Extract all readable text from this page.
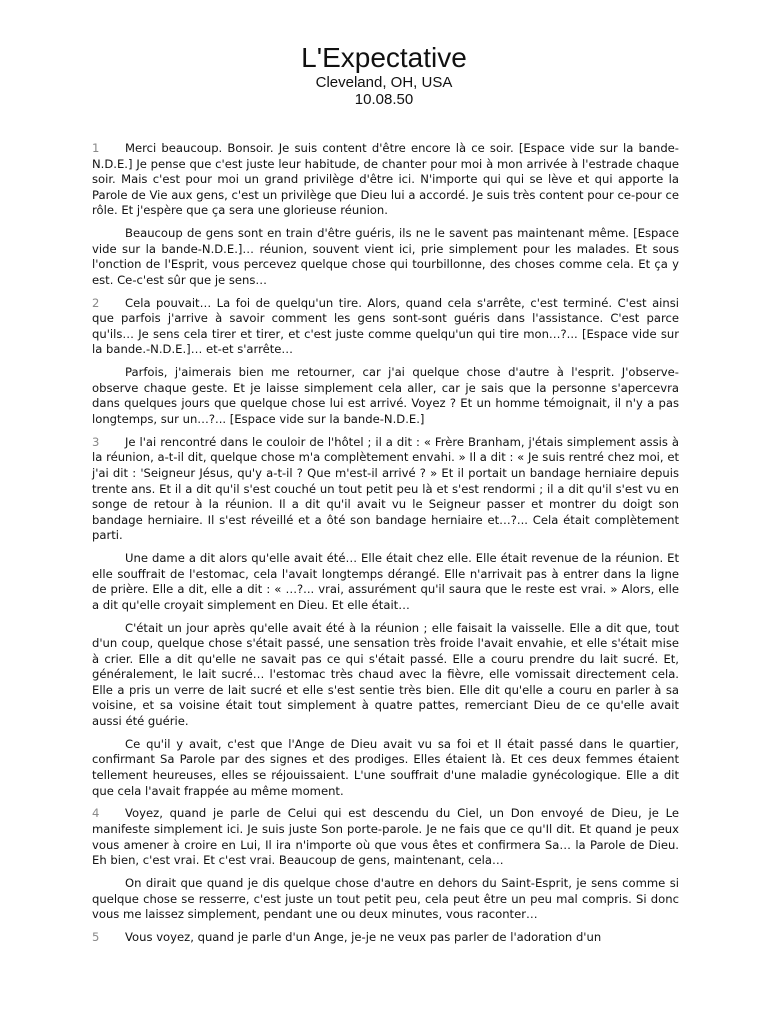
L'Expectative

Cleveland, OH, USA

10.08.50

1 Merci beaucoup. Bonsoir. Je suis content d'être encore là ce soir. [Espace vide sur la bande-N.D.E.] Je pense que c'est juste leur habitude, de chanter pour moi à mon arrivée à l'estrade chaque soir. Mais c'est pour moi un grand privilège d'être ici. N'importe qui qui se lève et qui apporte la Parole de Vie aux gens, c'est un privilège que Dieu lui a accordé. Je suis très content pour ce-pour ce rôle. Et j'espère que ça sera une glorieuse réunion.

Beaucoup de gens sont en train d'être guéris, ils ne le savent pas maintenant même. [Espace vide sur la bande-N.D.E.]… réunion, souvent vient ici, prie simplement pour les malades. Et sous l'onction de l'Esprit, vous percevez quelque chose qui tourbillonne, des choses comme cela. Et ça y est. Ce-c'est sûr que je sens…

2 Cela pouvait… La foi de quelqu'un tire. Alors, quand cela s'arrête, c'est terminé. C'est ainsi que parfois j'arrive à savoir comment les gens sont-sont guéris dans l'assistance. C'est parce qu'ils… Je sens cela tirer et tirer, et c'est juste comme quelqu'un qui tire mon…?... [Espace vide sur la bande.-N.D.E.]… et-et s'arrête…

Parfois, j'aimerais bien me retourner, car j'ai quelque chose d'autre à l'esprit. J'observe-observe chaque geste. Et je laisse simplement cela aller, car je sais que la personne s'apercevra dans quelques jours que quelque chose lui est arrivé. Voyez ? Et un homme témoignait, il n'y a pas longtemps, sur un…?... [Espace vide sur la bande-N.D.E.]

3 Je l'ai rencontré dans le couloir de l'hôtel ; il a dit : « Frère Branham, j'étais simplement assis à la réunion, a-t-il dit, quelque chose m'a complètement envahi. » Il a dit : « Je suis rentré chez moi, et j'ai dit : 'Seigneur Jésus, qu'y a-t-il ? Que m'est-il arrivé ? » Et il portait un bandage herniaire depuis trente ans. Et il a dit qu'il s'est couché un tout petit peu là et s'est rendormi ; il a dit qu'il s'est vu en songe de retour à la réunion. Il a dit qu'il avait vu le Seigneur passer et montrer du doigt son bandage herniaire. Il s'est réveillé et a ôté son bandage herniaire et…?... Cela était complètement parti.

Une dame a dit alors qu'elle avait été… Elle était chez elle. Elle était revenue de la réunion. Et elle souffrait de l'estomac, cela l'avait longtemps dérangé. Elle n'arrivait pas à entrer dans la ligne de prière. Elle a dit, elle a dit : « …?... vrai, assurément qu'il saura que le reste est vrai. » Alors, elle a dit qu'elle croyait simplement en Dieu. Et elle était…

C'était un jour après qu'elle avait été à la réunion ; elle faisait la vaisselle. Elle a dit que, tout d'un coup, quelque chose s'était passé, une sensation très froide l'avait envahie, et elle s'était mise à crier. Elle a dit qu'elle ne savait pas ce qui s'était passé. Elle a couru prendre du lait sucré. Et, généralement, le lait sucré… l'estomac très chaud avec la fièvre, elle vomissait directement cela. Elle a pris un verre de lait sucré et elle s'est sentie très bien. Elle dit qu'elle a couru en parler à sa voisine, et sa voisine était tout simplement à quatre pattes, remerciant Dieu de ce qu'elle avait aussi été guérie.

Ce qu'il y avait, c'est que l'Ange de Dieu avait vu sa foi et Il était passé dans le quartier, confirmant Sa Parole par des signes et des prodiges. Elles étaient là. Et ces deux femmes étaient tellement heureuses, elles se réjouissaient. L'une souffrait d'une maladie gynécologique. Elle a dit que cela l'avait frappée au même moment.

4 Voyez, quand je parle de Celui qui est descendu du Ciel, un Don envoyé de Dieu, je Le manifeste simplement ici. Je suis juste Son porte-parole. Je ne fais que ce qu'Il dit. Et quand je peux vous amener à croire en Lui, Il ira n'importe où que vous êtes et confirmera Sa… la Parole de Dieu. Eh bien, c'est vrai. Et c'est vrai. Beaucoup de gens, maintenant, cela…

On dirait que quand je dis quelque chose d'autre en dehors du Saint-Esprit, je sens comme si quelque chose se resserre, c'est juste un tout petit peu, cela peut être un peu mal compris. Si donc vous me laissez simplement, pendant une ou deux minutes, vous raconter…

5 Vous voyez, quand je parle d'un Ange, je-je ne veux pas parler de l'adoration d'un
